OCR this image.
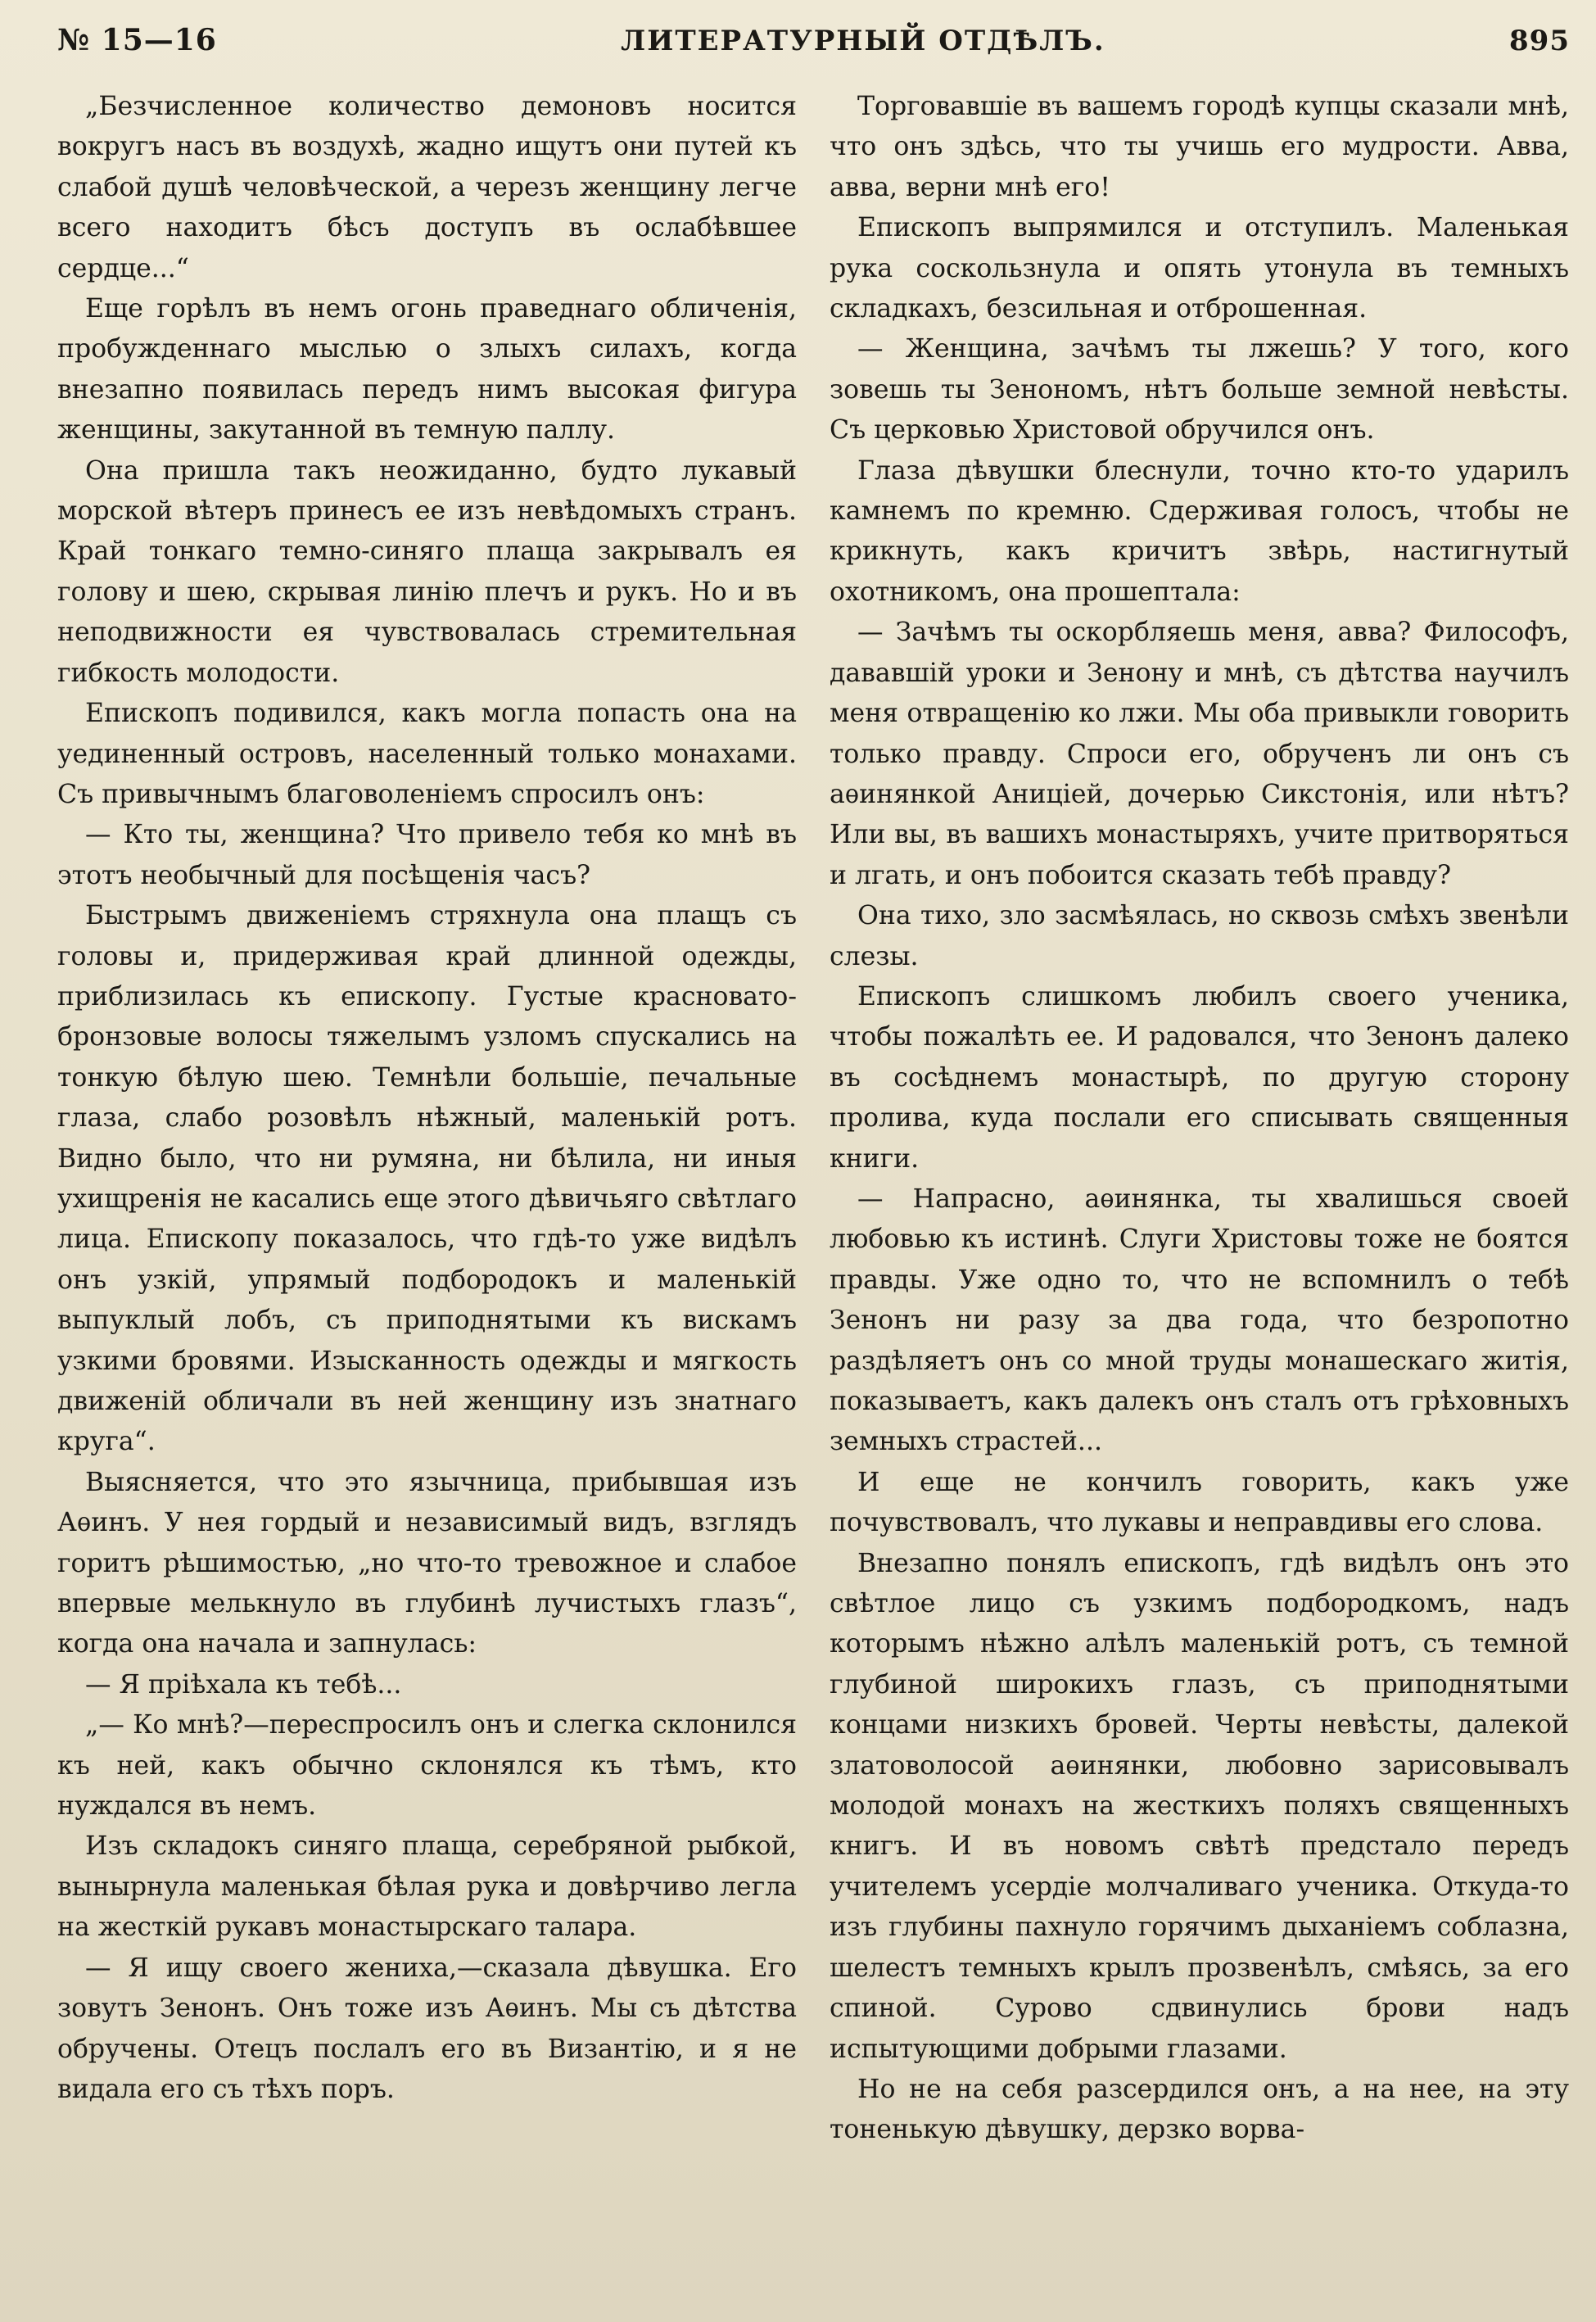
№ 15—16	ЛИТЕРАТУРНЫЙ ОТДѢЛЪ.	895

„Безчисленное количество демоновъ носится вокругъ насъ въ воздухѣ, жадно ищутъ они путей къ слабой душѣ человѣческой, а черезъ женщину легче всего находитъ бѣсъ доступъ въ ослабѣвшее сердце...“

Еще горѣлъ въ немъ огонь праведнаго обличенія, пробужденнаго мыслью о злыхъ силахъ, когда внезапно появилась передъ нимъ высокая фигура женщины, закутанной въ темную паллу.

Она пришла такъ неожиданно, будто лукавый морской вѣтеръ принесъ ее изъ невѣдомыхъ странъ. Край тонкаго темно-синяго плаща закрывалъ ея голову и шею, скрывая линію плечъ и рукъ. Но и въ неподвижности ея чувствовалась стремительная гибкость молодости.

Епископъ подивился, какъ могла попасть она на уединенный островъ, населенный только монахами. Съ привычнымъ благоволеніемъ спросилъ онъ:

— Кто ты, женщина? Что привело тебя ко мнѣ въ этотъ необычный для посѣщенія часъ?

Быстрымъ движеніемъ стряхнула она плащъ съ головы и, придерживая край длинной одежды, приблизилась къ епископу. Густые красновато-бронзовые волосы тяжелымъ узломъ спускались на тонкую бѣлую шею. Темнѣли большіе, печальные глаза, слабо розовѣлъ нѣжный, маленькій ротъ. Видно было, что ни румяна, ни бѣлила, ни иныя ухищренія не касались еще этого дѣвичьяго свѣтлаго лица. Епископу показалось, что гдѣ-то уже видѣлъ онъ узкій, упрямый подбородокъ и маленькій выпуклый лобъ, съ приподнятыми къ вискамъ узкими бровями. Изысканность одежды и мягкость движеній обличали въ ней женщину изъ знатнаго круга“.

Выясняется, что это язычница, прибывшая изъ Аѳинъ. У нея гордый и независимый видъ, взглядъ горитъ рѣшимостью, „но что-то тревожное и слабое впервые мелькнуло въ глубинѣ лучистыхъ глазъ“, когда она начала и запнулась:

— Я пріѣхала къ тебѣ...

„— Ко мнѣ?—переспросилъ онъ и слегка склонился къ ней, какъ обычно склонялся къ тѣмъ, кто нуждался въ немъ.

Изъ складокъ синяго плаща, серебряной рыбкой, вынырнула маленькая бѣлая рука и довѣрчиво легла на жесткій рукавъ монастырскаго талара.

— Я ищу своего жениха,—сказала дѣвушка. Его зовутъ Зенонъ. Онъ тоже изъ Аѳинъ. Мы съ дѣтства обручены. Отецъ послалъ его въ Византію, и я не видала его съ тѣхъ поръ.

Торговавшіе въ вашемъ городѣ купцы сказали мнѣ, что онъ здѣсь, что ты учишь его мудрости. Авва, авва, верни мнѣ его!

Епископъ выпрямился и отступилъ. Маленькая рука соскользнула и опять утонула въ темныхъ складкахъ, безсильная и отброшенная.

— Женщина, зачѣмъ ты лжешь? У того, кого зовешь ты Зенономъ, нѣтъ больше земной невѣсты. Съ церковью Христовой обручился онъ.

Глаза дѣвушки блеснули, точно кто-то ударилъ камнемъ по кремню. Сдерживая голосъ, чтобы не крикнуть, какъ кричитъ звѣрь, настигнутый охотникомъ, она прошептала:

— Зачѣмъ ты оскорбляешь меня, авва? Философъ, дававшій уроки и Зенону и мнѣ, съ дѣтства научилъ меня отвращенію ко лжи. Мы оба привыкли говорить только правду. Спроси его, обрученъ ли онъ съ аѳинянкой Аниціей, дочерью Сикстонія, или нѣтъ? Или вы, въ вашихъ монастыряхъ, учите притворяться и лгать, и онъ побоится сказать тебѣ правду?

Она тихо, зло засмѣялась, но сквозь смѣхъ звенѣли слезы.

Епископъ слишкомъ любилъ своего ученика, чтобы пожалѣть ее. И радовался, что Зенонъ далеко въ сосѣднемъ монастырѣ, по другую сторону пролива, куда послали его списывать священныя книги.

— Напрасно, аѳинянка, ты хвалишься своей любовью къ истинѣ. Слуги Христовы тоже не боятся правды. Уже одно то, что не вспомнилъ о тебѣ Зенонъ ни разу за два года, что безропотно раздѣляетъ онъ со мной труды монашескаго житія, показываетъ, какъ далекъ онъ сталъ отъ грѣховныхъ земныхъ страстей...

И еще не кончилъ говорить, какъ уже почувствовалъ, что лукавы и неправдивы его слова.

Внезапно понялъ епископъ, гдѣ видѣлъ онъ это свѣтлое лицо съ узкимъ подбородкомъ, надъ которымъ нѣжно алѣлъ маленькій ротъ, съ темной глубиной широкихъ глазъ, съ приподнятыми концами низкихъ бровей. Черты невѣсты, далекой златоволосой аѳинянки, любовно зарисовывалъ молодой монахъ на жесткихъ поляхъ священныхъ книгъ. И въ новомъ свѣтѣ предстало передъ учителемъ усердіе молчаливаго ученика. Откуда-то изъ глубины пахнуло горячимъ дыханіемъ соблазна, шелестъ темныхъ крылъ прозвенѣлъ, смѣясь, за его спиной. Сурово сдвинулись брови надъ испытующими добрыми глазами.

Но не на себя разсердился онъ, а на нее, на эту тоненькую дѣвушку, дерзко ворва-
